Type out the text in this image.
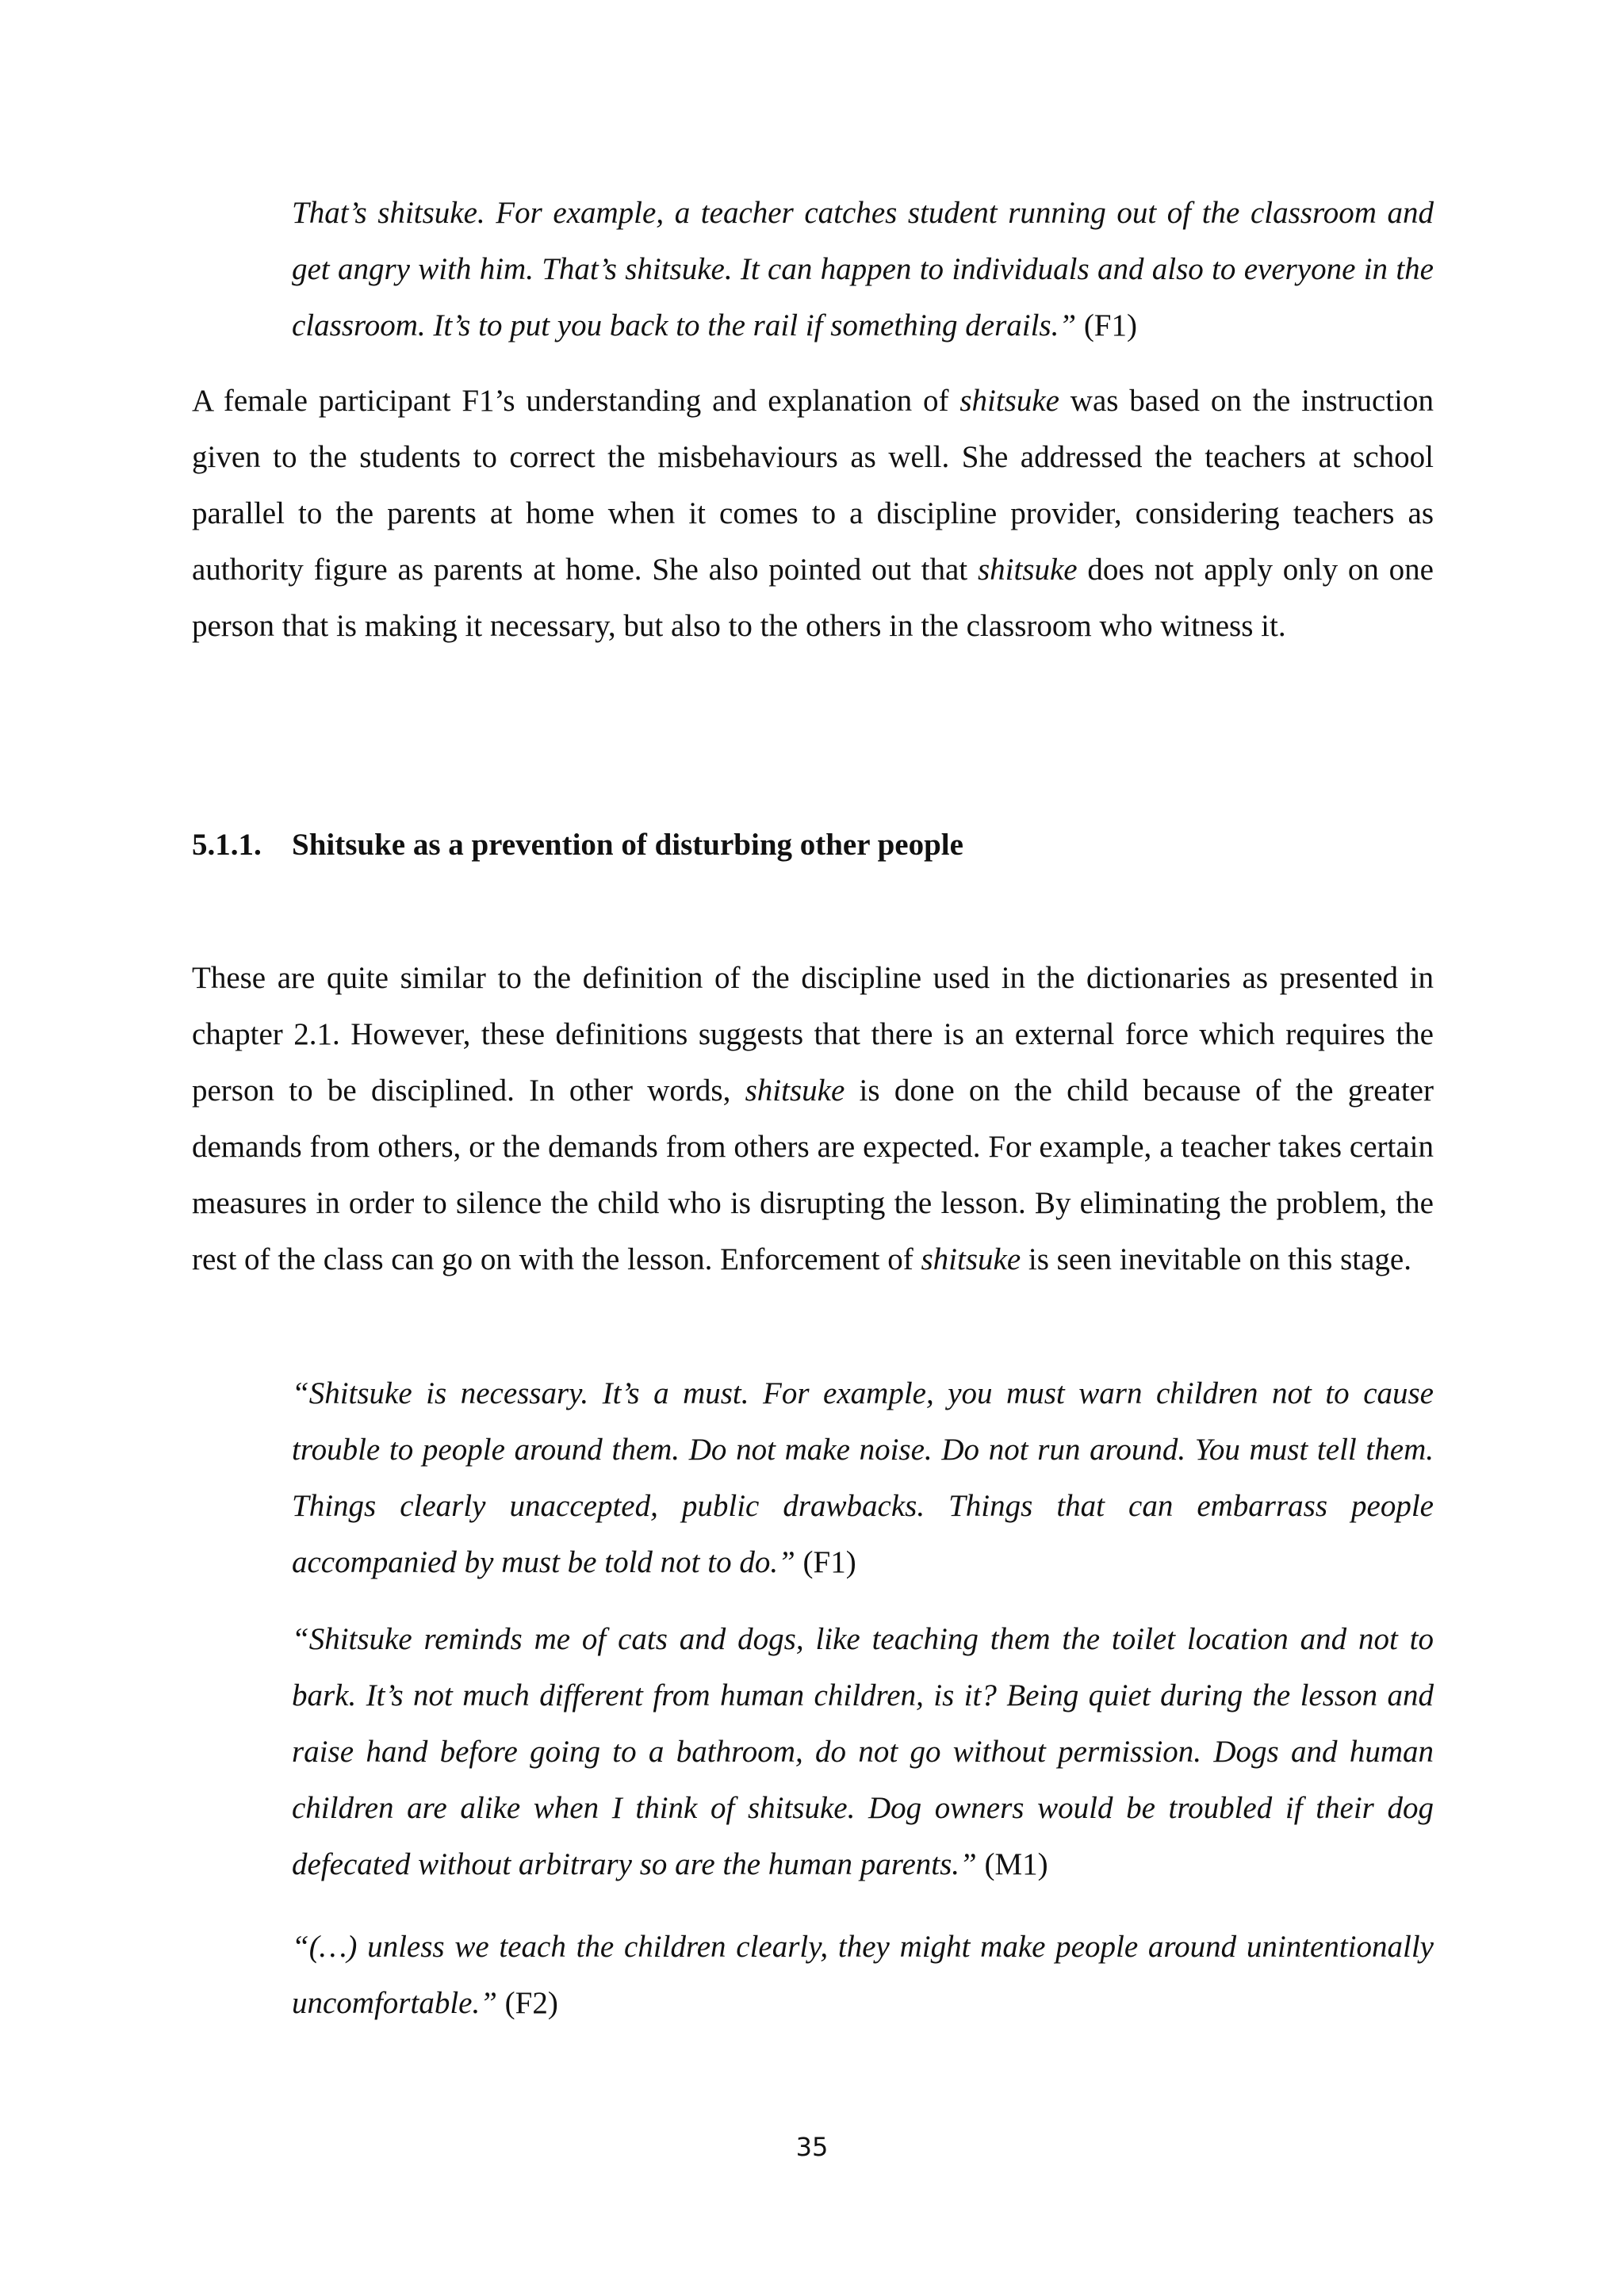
That’s shitsuke. For example, a teacher catches student running out of the classroom and get angry with him. That’s shitsuke. It can happen to individuals and also to everyone in the classroom. It’s to put you back to the rail if something derails.” (F1)

A female participant F1’s understanding and explanation of shitsuke was based on the instruction given to the students to correct the misbehaviours as well. She addressed the teachers at school parallel to the parents at home when it comes to a discipline provider, considering teachers as authority figure as parents at home. She also pointed out that shitsuke does not apply only on one person that is making it necessary, but also to the others in the classroom who witness it.

5.1.1. Shitsuke as a prevention of disturbing other people

These are quite similar to the definition of the discipline used in the dictionaries as presented in chapter 2.1. However, these definitions suggests that there is an external force which requires the person to be disciplined. In other words, shitsuke is done on the child because of the greater demands from others, or the demands from others are expected. For example, a teacher takes certain measures in order to silence the child who is disrupting the lesson. By eliminating the problem, the rest of the class can go on with the lesson. Enforcement of shitsuke is seen inevitable on this stage.

“Shitsuke is necessary. It’s a must. For example, you must warn children not to cause trouble to people around them. Do not make noise. Do not run around. You must tell them. Things clearly unaccepted, public drawbacks. Things that can embarrass people accompanied by must be told not to do.” (F1)

“Shitsuke reminds me of cats and dogs, like teaching them the toilet location and not to bark. It’s not much different from human children, is it? Being quiet during the lesson and raise hand before going to a bathroom, do not go without permission. Dogs and human children are alike when I think of shitsuke. Dog owners would be troubled if their dog defecated without arbitrary so are the human parents.” (M1)

“(…) unless we teach the children clearly, they might make people around unintentionally uncomfortable.” (F2)

35
